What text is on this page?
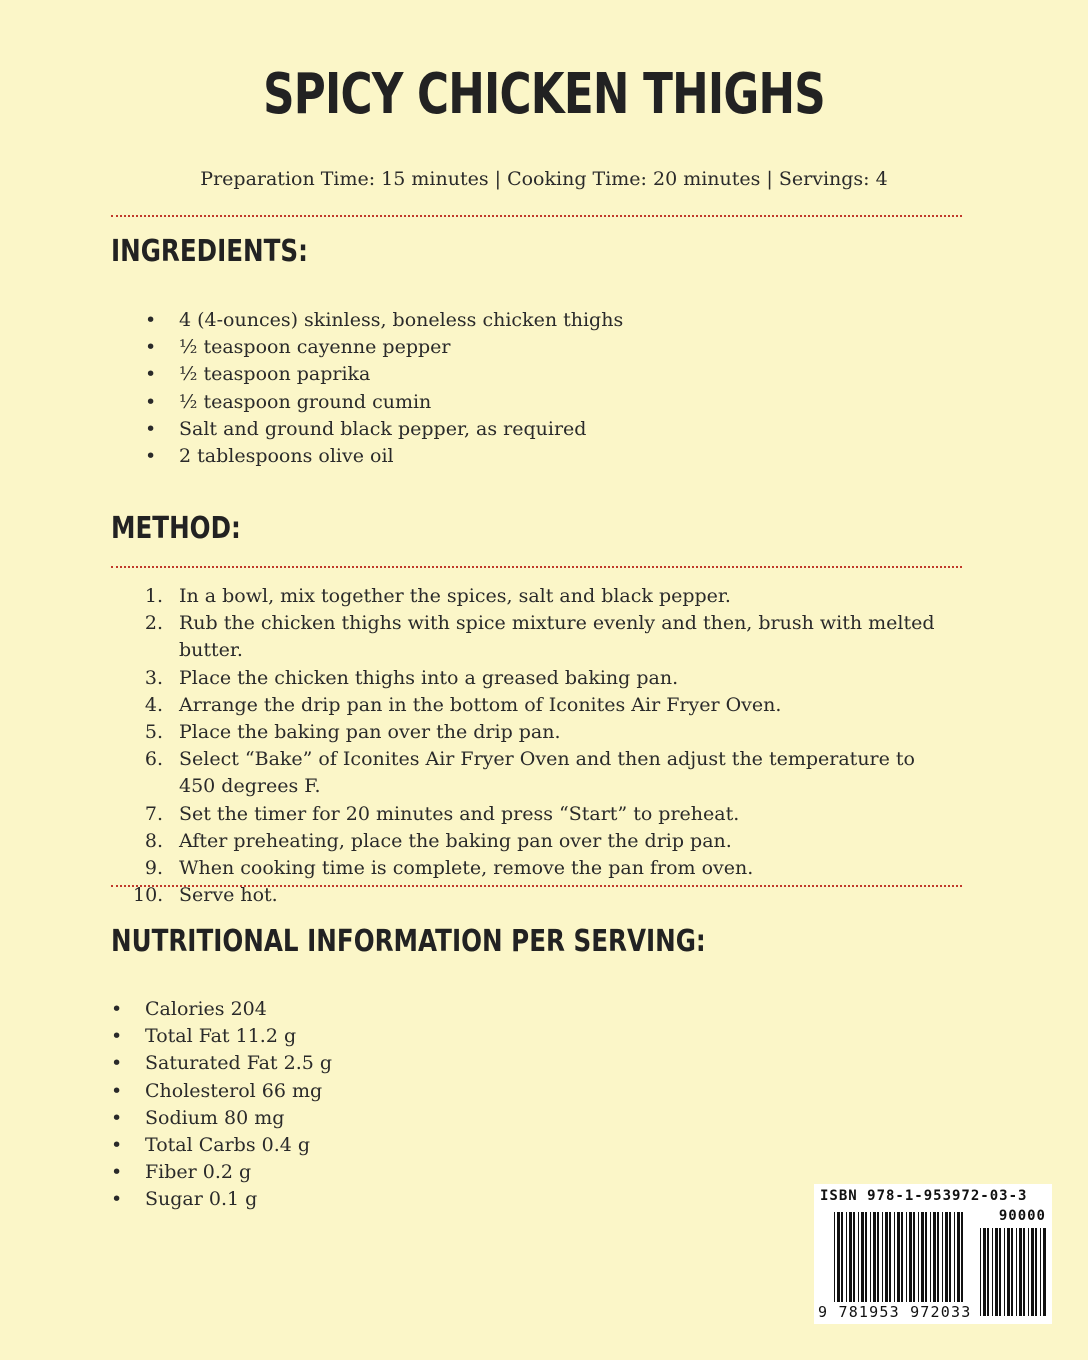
SPICY CHICKEN THIGHS
Preparation Time: 15 minutes | Cooking Time: 20 minutes | Servings: 4
INGREDIENTS:
•	4 (4-ounces) skinless, boneless chicken thighs
•	½ teaspoon cayenne pepper
•	½ teaspoon paprika
•	½ teaspoon ground cumin
•	Salt and ground black pepper, as required
•	2 tablespoons olive oil
METHOD:
1. In a bowl, mix together the spices, salt and black pepper.
2. Rub the chicken thighs with spice mixture evenly and then, brush with melted butter.
3. Place the chicken thighs into a greased baking pan.
4. Arrange the drip pan in the bottom of Iconites Air Fryer Oven.
5. Place the baking pan over the drip pan.
6. Select “Bake” of Iconites Air Fryer Oven and then adjust the temperature to 450 degrees F.
7. Set the timer for 20 minutes and press “Start” to preheat.
8. After preheating, place the baking pan over the drip pan.
9. When cooking time is complete, remove the pan from oven.
10. Serve hot.
NUTRITIONAL INFORMATION PER SERVING:
•	Calories 204
•	Total Fat 11.2 g
•	Saturated Fat 2.5 g
•	Cholesterol 66 mg
•	Sodium 80 mg
•	Total Carbs 0.4 g
•	Fiber 0.2 g
•	Sugar 0.1 g	ISBN 978-1-953972-03-3
90000
9 781953 972033
